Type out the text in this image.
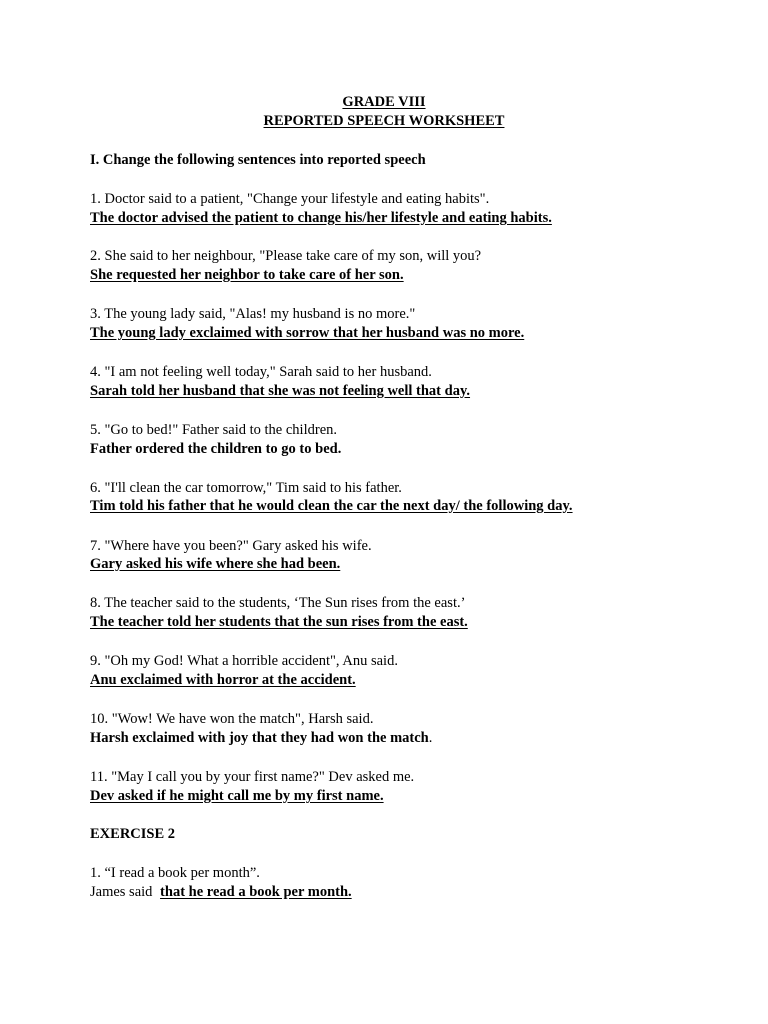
GRADE VIII

REPORTED SPEECH WORKSHEET

I. Change the following sentences into reported speech

1. Doctor said to a patient, "Change your lifestyle and eating habits".

The doctor advised the patient to change his/her lifestyle and eating habits.

2. She said to her neighbour, "Please take care of my son, will you?

She requested her neighbor to take care of her son.

3. The young lady said, "Alas! my husband is no more."

The young lady exclaimed with sorrow that her husband was no more.

4. "I am not feeling well today," Sarah said to her husband.

Sarah told her husband that she was not feeling well that day.

5. "Go to bed!" Father said to the children.

Father ordered the children to go to bed.

6. "I'll clean the car tomorrow," Tim said to his father.

Tim told his father that he would clean the car the next day/ the following day.

7. "Where have you been?" Gary asked his wife.

Gary asked his wife where she had been.

8. The teacher said to the students, ‘The Sun rises from the east.’

The teacher told her students that the sun rises from the east.

9. "Oh my God! What a horrible accident", Anu said.

Anu exclaimed with horror at the accident.

10. "Wow! We have won the match", Harsh said.

Harsh exclaimed with joy that they had won the match.

11. "May I call you by your first name?" Dev asked me.

Dev asked if he might call me by my first name.

EXERCISE 2

1. “I read a book per month”.

James said that he read a book per month.
